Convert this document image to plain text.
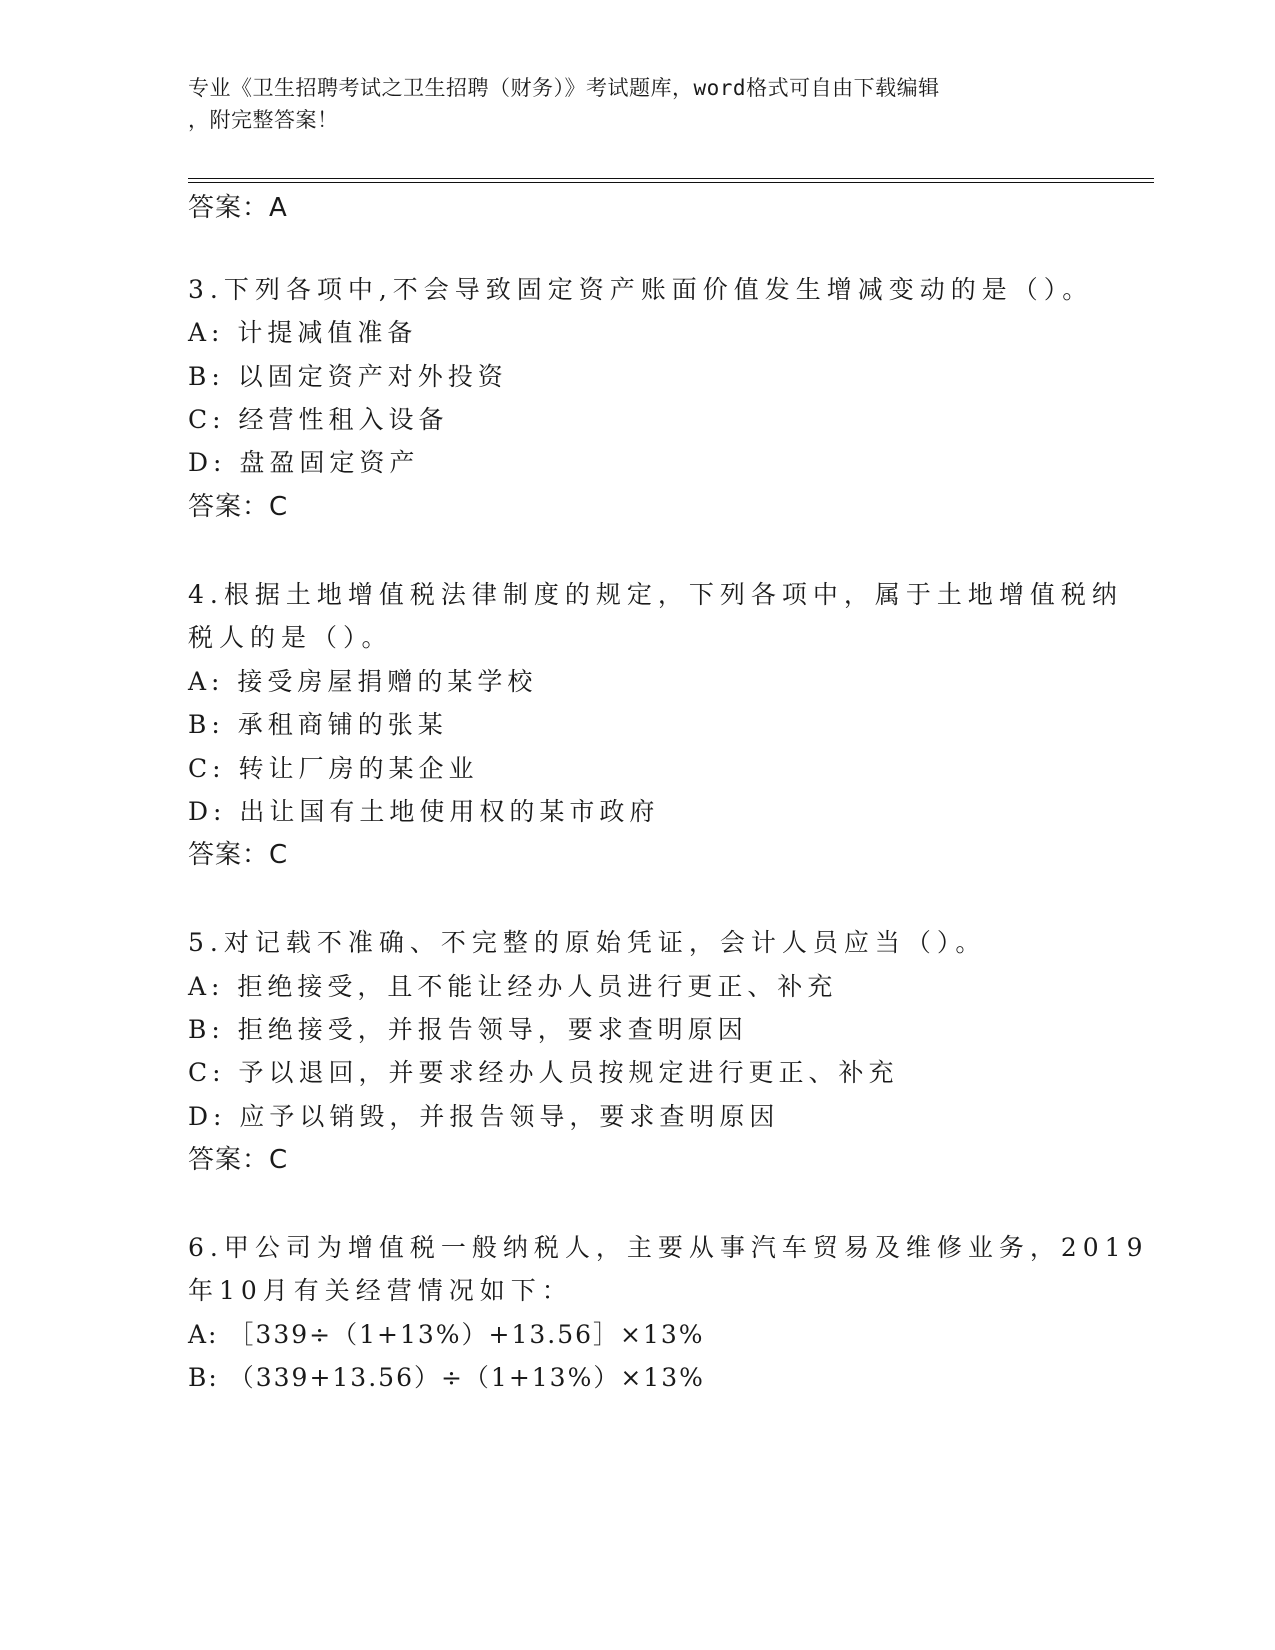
专业《卫生招聘考试之卫生招聘（财务）》考试题库，word格式可自由下载编辑
，附完整答案！
答案：A
3.下列各项中,不会导致固定资产账面价值发生增减变动的是（）。
A: 计提减值准备
B: 以固定资产对外投资
C: 经营性租入设备
D: 盘盈固定资产
答案：C
4.根据土地增值税法律制度的规定，下列各项中，属于土地增值税纳
税人的是（）。
A: 接受房屋捐赠的某学校
B: 承租商铺的张某
C: 转让厂房的某企业
D: 出让国有土地使用权的某市政府
答案：C
5.对记载不准确、不完整的原始凭证，会计人员应当（）。
A: 拒绝接受，且不能让经办人员进行更正、补充
B: 拒绝接受，并报告领导，要求查明原因
C: 予以退回，并要求经办人员按规定进行更正、补充
D: 应予以销毁，并报告领导，要求查明原因
答案：C
6.甲公司为增值税一般纳税人，主要从事汽车贸易及维修业务，2019
年10月有关经营情况如下：
A: ［339÷（1+13%）+13.56］×13%
B: （339+13.56）÷（1+13%）×13%
